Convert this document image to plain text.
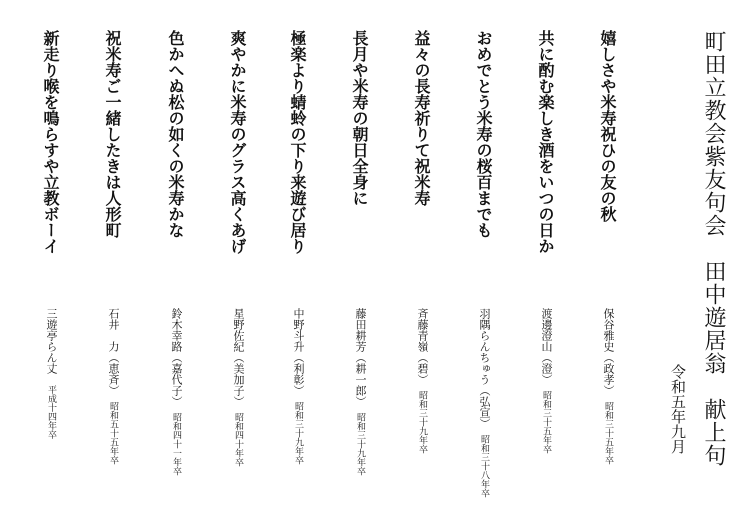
町田立教会紫友句会　田中遊居翁　献上句
令和五年九月
嬉しさや米寿祝ひの友の秋
保谷雅史（政孝）　昭和三十五年卒
共に酌む楽しき酒をいつの日か
渡邊澄山（澄）　昭和三十五年卒
おめでとう米寿の桜百までも
羽隅らんちゅう（弘宣）　昭和三十八年卒
益々の長寿祈りて祝米寿
斉藤青嶺（碧）　昭和三十九年卒
長月や米寿の朝日全身に
藤田耕芳（耕一郎）　昭和三十九年卒
極楽より蜻蛉の下り来遊び居り
中野斗升（利彰）　昭和三十九年卒
爽やかに米寿のグラス高くあげ
星野佐紀（美加子）　昭和四十年卒
色かへぬ松の如くの米寿かな
鈴木幸路（嘉代子）　昭和四十一年卒
祝米寿ご一緒したきは人形町
石井　力（恵斉）　昭和五十五年卒
新走り喉を鳴らすや立教ボーイ
三遊亭らん丈　平成十四年卒
